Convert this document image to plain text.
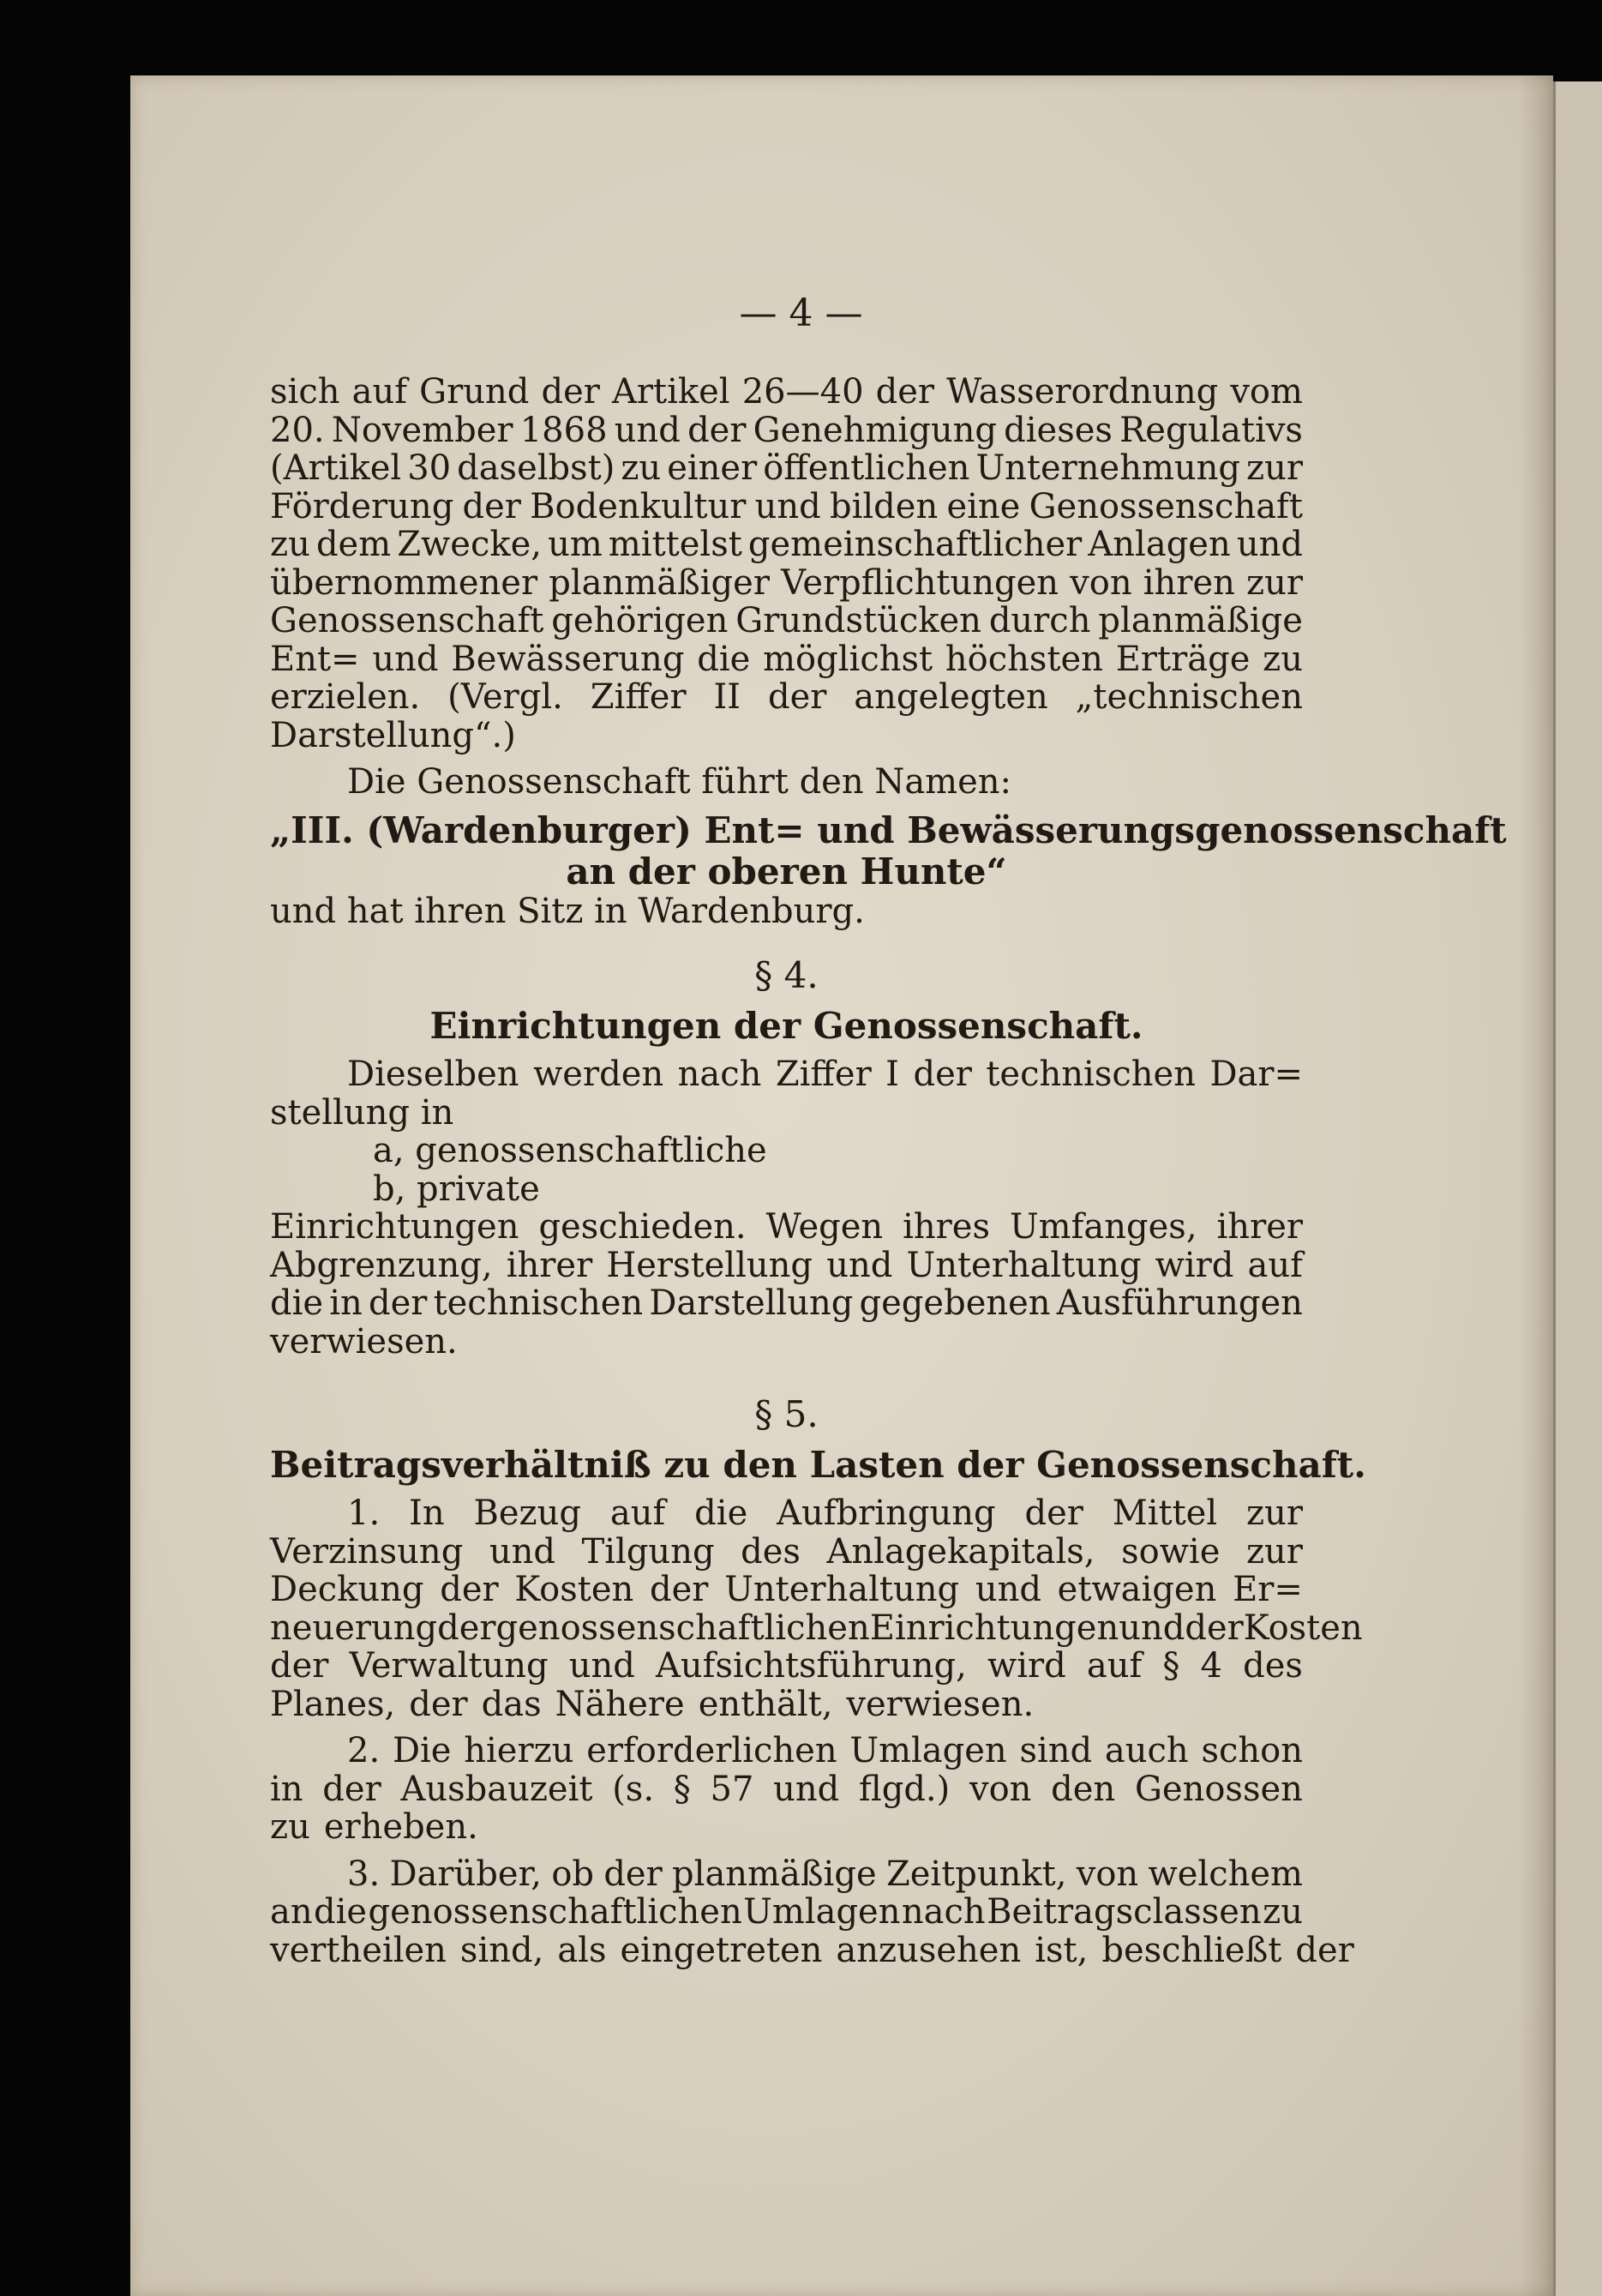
— 4 —
sich auf Grund der Artikel 26—40 der Wasserordnung vom
20. November 1868 und der Genehmigung dieses Regulativs
(Artikel 30 daselbst) zu einer öffentlichen Unternehmung zur
Förderung der Bodenkultur und bilden eine Genossenschaft
zu dem Zwecke, um mittelst gemeinschaftlicher Anlagen und
übernommener planmäßiger Verpflichtungen von ihren zur
Genossenschaft gehörigen Grundstücken durch planmäßige
Ent= und Bewässerung die möglichst höchsten Erträge zu
erzielen. (Vergl. Ziffer II der angelegten „technischen
Darstellung“.)
Die Genossenschaft führt den Namen:
„III. (Wardenburger) Ent= und Bewässerungsgenossenschaft
an der oberen Hunte“
und hat ihren Sitz in Wardenburg.
§ 4.
Einrichtungen der Genossenschaft.
Dieselben werden nach Ziffer I der technischen Dar=
stellung in
a, genossenschaftliche
b, private
Einrichtungen geschieden. Wegen ihres Umfanges, ihrer
Abgrenzung, ihrer Herstellung und Unterhaltung wird auf
die in der technischen Darstellung gegebenen Ausführungen
verwiesen.
§ 5.
Beitragsverhältniß zu den Lasten der Genossenschaft.
1. In Bezug auf die Aufbringung der Mittel zur
Verzinsung und Tilgung des Anlagekapitals, sowie zur
Deckung der Kosten der Unterhaltung und etwaigen Er=
neuerung der genossenschaftlichen Einrichtungen und der Kosten
der Verwaltung und Aufsichtsführung, wird auf § 4 des
Planes, der das Nähere enthält, verwiesen.
2. Die hierzu erforderlichen Umlagen sind auch schon
in der Ausbauzeit (s. § 57 und flgd.) von den Genossen
zu erheben.
3. Darüber, ob der planmäßige Zeitpunkt, von welchem
an die genossenschaftlichen Umlagen nach Beitragsclassen zu
vertheilen sind, als eingetreten anzusehen ist, beschließt der
